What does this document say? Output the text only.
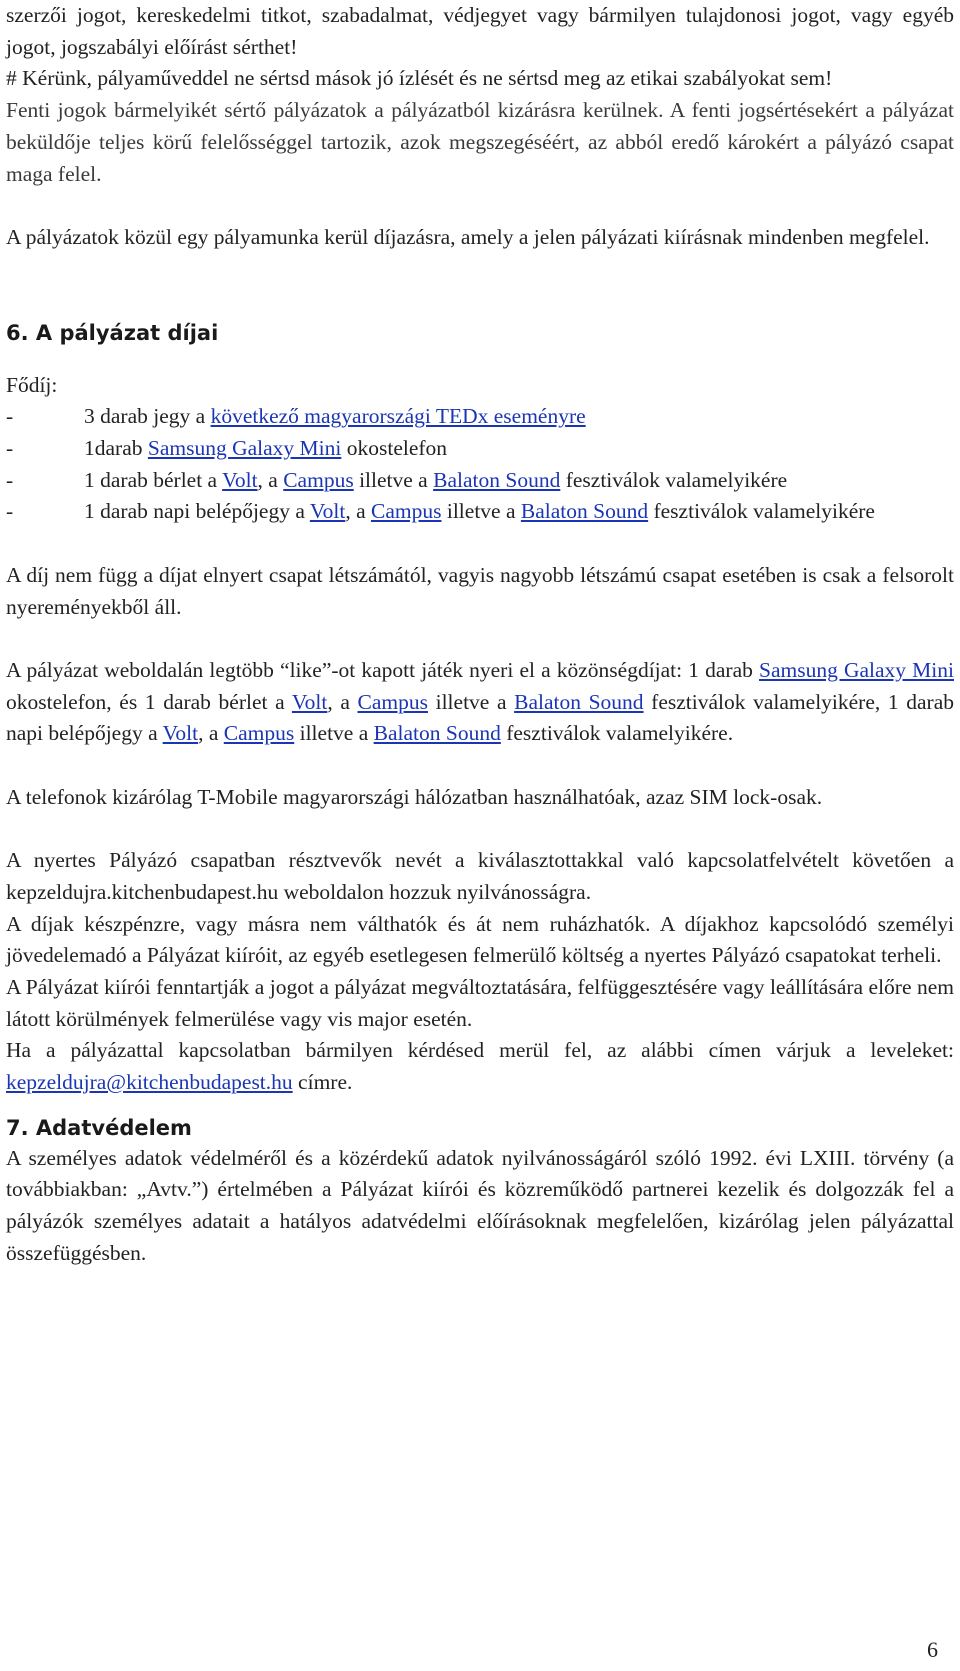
szerzői jogot, kereskedelmi titkot, szabadalmat, védjegyet vagy bármilyen tulajdonosi jogot, vagy egyéb jogot, jogszabályi előírást sérthet!

# Kérünk, pályaműveddel ne sértsd mások jó ízlését és ne sértsd meg az etikai szabályokat sem!

Fenti jogok bármelyikét sértő pályázatok a pályázatból kizárásra kerülnek. A fenti jogsértésekért a pályázat beküldője teljes körű felelősséggel tartozik, azok megszegéséért, az abból eredő károkért a pályázó csapat maga felel.

A pályázatok közül egy pályamunka kerül díjazásra, amely a jelen pályázati kiírásnak mindenben megfelel.

6. A pályázat díjai

Fődíj:

-	3 darab jegy a következő magyarországi TEDx eseményre

-	1darab Samsung Galaxy Mini okostelefon

-	1 darab bérlet a Volt, a Campus illetve a Balaton Sound fesztiválok valamelyikére

-	1 darab napi belépőjegy a Volt, a Campus illetve a Balaton Sound fesztiválok valamelyikére

A díj nem függ a díjat elnyert csapat létszámától, vagyis nagyobb létszámú csapat esetében is csak a felsorolt nyereményekből áll.

A pályázat weboldalán legtöbb “like”-ot kapott játék nyeri el a közönségdíjat: 1 darab Samsung Galaxy Mini okostelefon, és 1 darab bérlet a Volt, a Campus illetve a Balaton Sound fesztiválok valamelyikére, 1 darab napi belépőjegy a Volt, a Campus illetve a Balaton Sound fesztiválok valamelyikére.

A telefonok kizárólag T-Mobile magyarországi hálózatban használhatóak, azaz SIM lock-osak.

A nyertes Pályázó csapatban résztvevők nevét a kiválasztottakkal való kapcsolatfelvételt követően a kepzeldujra.kitchenbudapest.hu weboldalon hozzuk nyilvánosságra.

A díjak készpénzre, vagy másra nem válthatók és át nem ruházhatók. A díjakhoz kapcsolódó személyi jövedelemadó a Pályázat kiíróit, az egyéb esetlegesen felmerülő költség a nyertes Pályázó csapatokat terheli.

A Pályázat kiírói fenntartják a jogot a pályázat megváltoztatására, felfüggesztésére vagy leállítására előre nem látott körülmények felmerülése vagy vis major esetén.

Ha a pályázattal kapcsolatban bármilyen kérdésed merül fel, az alábbi címen várjuk a leveleket: kepzeldujra@kitchenbudapest.hu címre.

7. Adatvédelem

A személyes adatok védelméről és a közérdekű adatok nyilvánosságáról szóló 1992. évi LXIII. törvény (a továbbiakban: „Avtv.”) értelmében a Pályázat kiírói és közreműködő partnerei kezelik és dolgozzák fel a pályázók személyes adatait a hatályos adatvédelmi előírásoknak megfelelően, kizárólag jelen pályázattal összefüggésben.

6
